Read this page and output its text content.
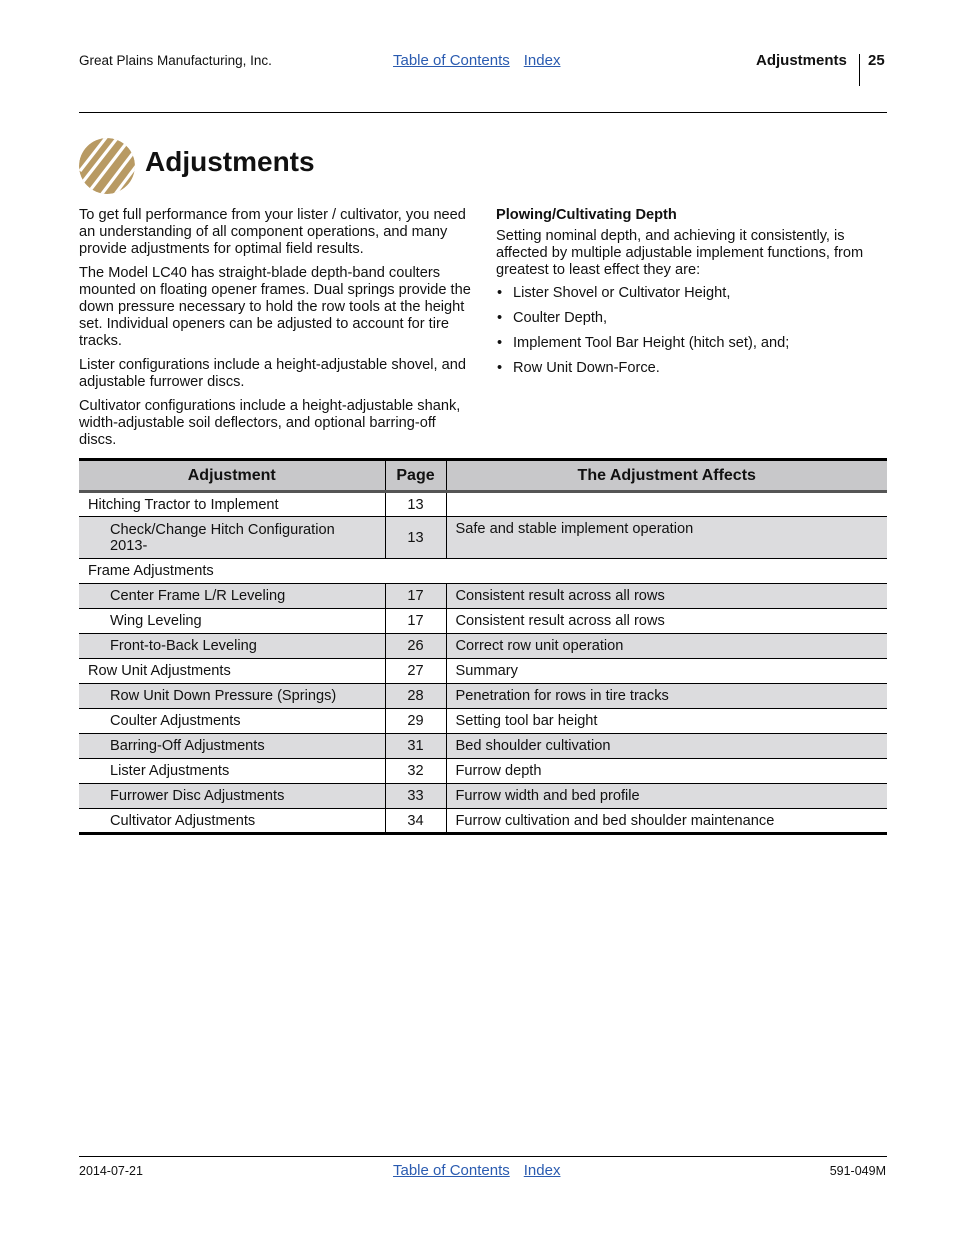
Great Plains Manufacturing, Inc.	Table of Contents Index	Adjustments 25
Adjustments

To get full performance from your lister / cultivator, you need an understanding of all component operations, and many provide adjustments for optimal field results.

The Model LC40 has straight-blade depth-band coulters mounted on floating opener frames. Dual springs provide the down pressure necessary to hold the row tools at the height set. Individual openers can be adjusted to account for tire tracks.

Lister configurations include a height-adjustable shovel, and adjustable furrower discs.

Cultivator configurations include a height-adjustable shank, width-adjustable soil deflectors, and optional barring-off discs.

Plowing/Cultivating Depth

Setting nominal depth, and achieving it consistently, is affected by multiple adjustable implement functions, from greatest to least effect they are:

• Lister Shovel or Cultivator Height,
• Coulter Depth,
• Implement Tool Bar Height (hitch set), and;
• Row Unit Down-Force.
Adjustment	Page	The Adjustment Affects
Hitching Tractor to Implement	13	
Check/Change Hitch Configuration 2013-	13	Safe and stable implement operation
Frame Adjustments		
Center Frame L/R Leveling	17	Consistent result across all rows
Wing Leveling	17	Consistent result across all rows
Front-to-Back Leveling	26	Correct row unit operation
Row Unit Adjustments	27	Summary
Row Unit Down Pressure (Springs)	28	Penetration for rows in tire tracks
Coulter Adjustments	29	Setting tool bar height
Barring-Off Adjustments	31	Bed shoulder cultivation
Lister Adjustments	32	Furrow depth
Furrower Disc Adjustments	33	Furrow width and bed profile
Cultivator Adjustments	34	Furrow cultivation and bed shoulder maintenance
2014-07-21	Table of Contents Index	591-049M
